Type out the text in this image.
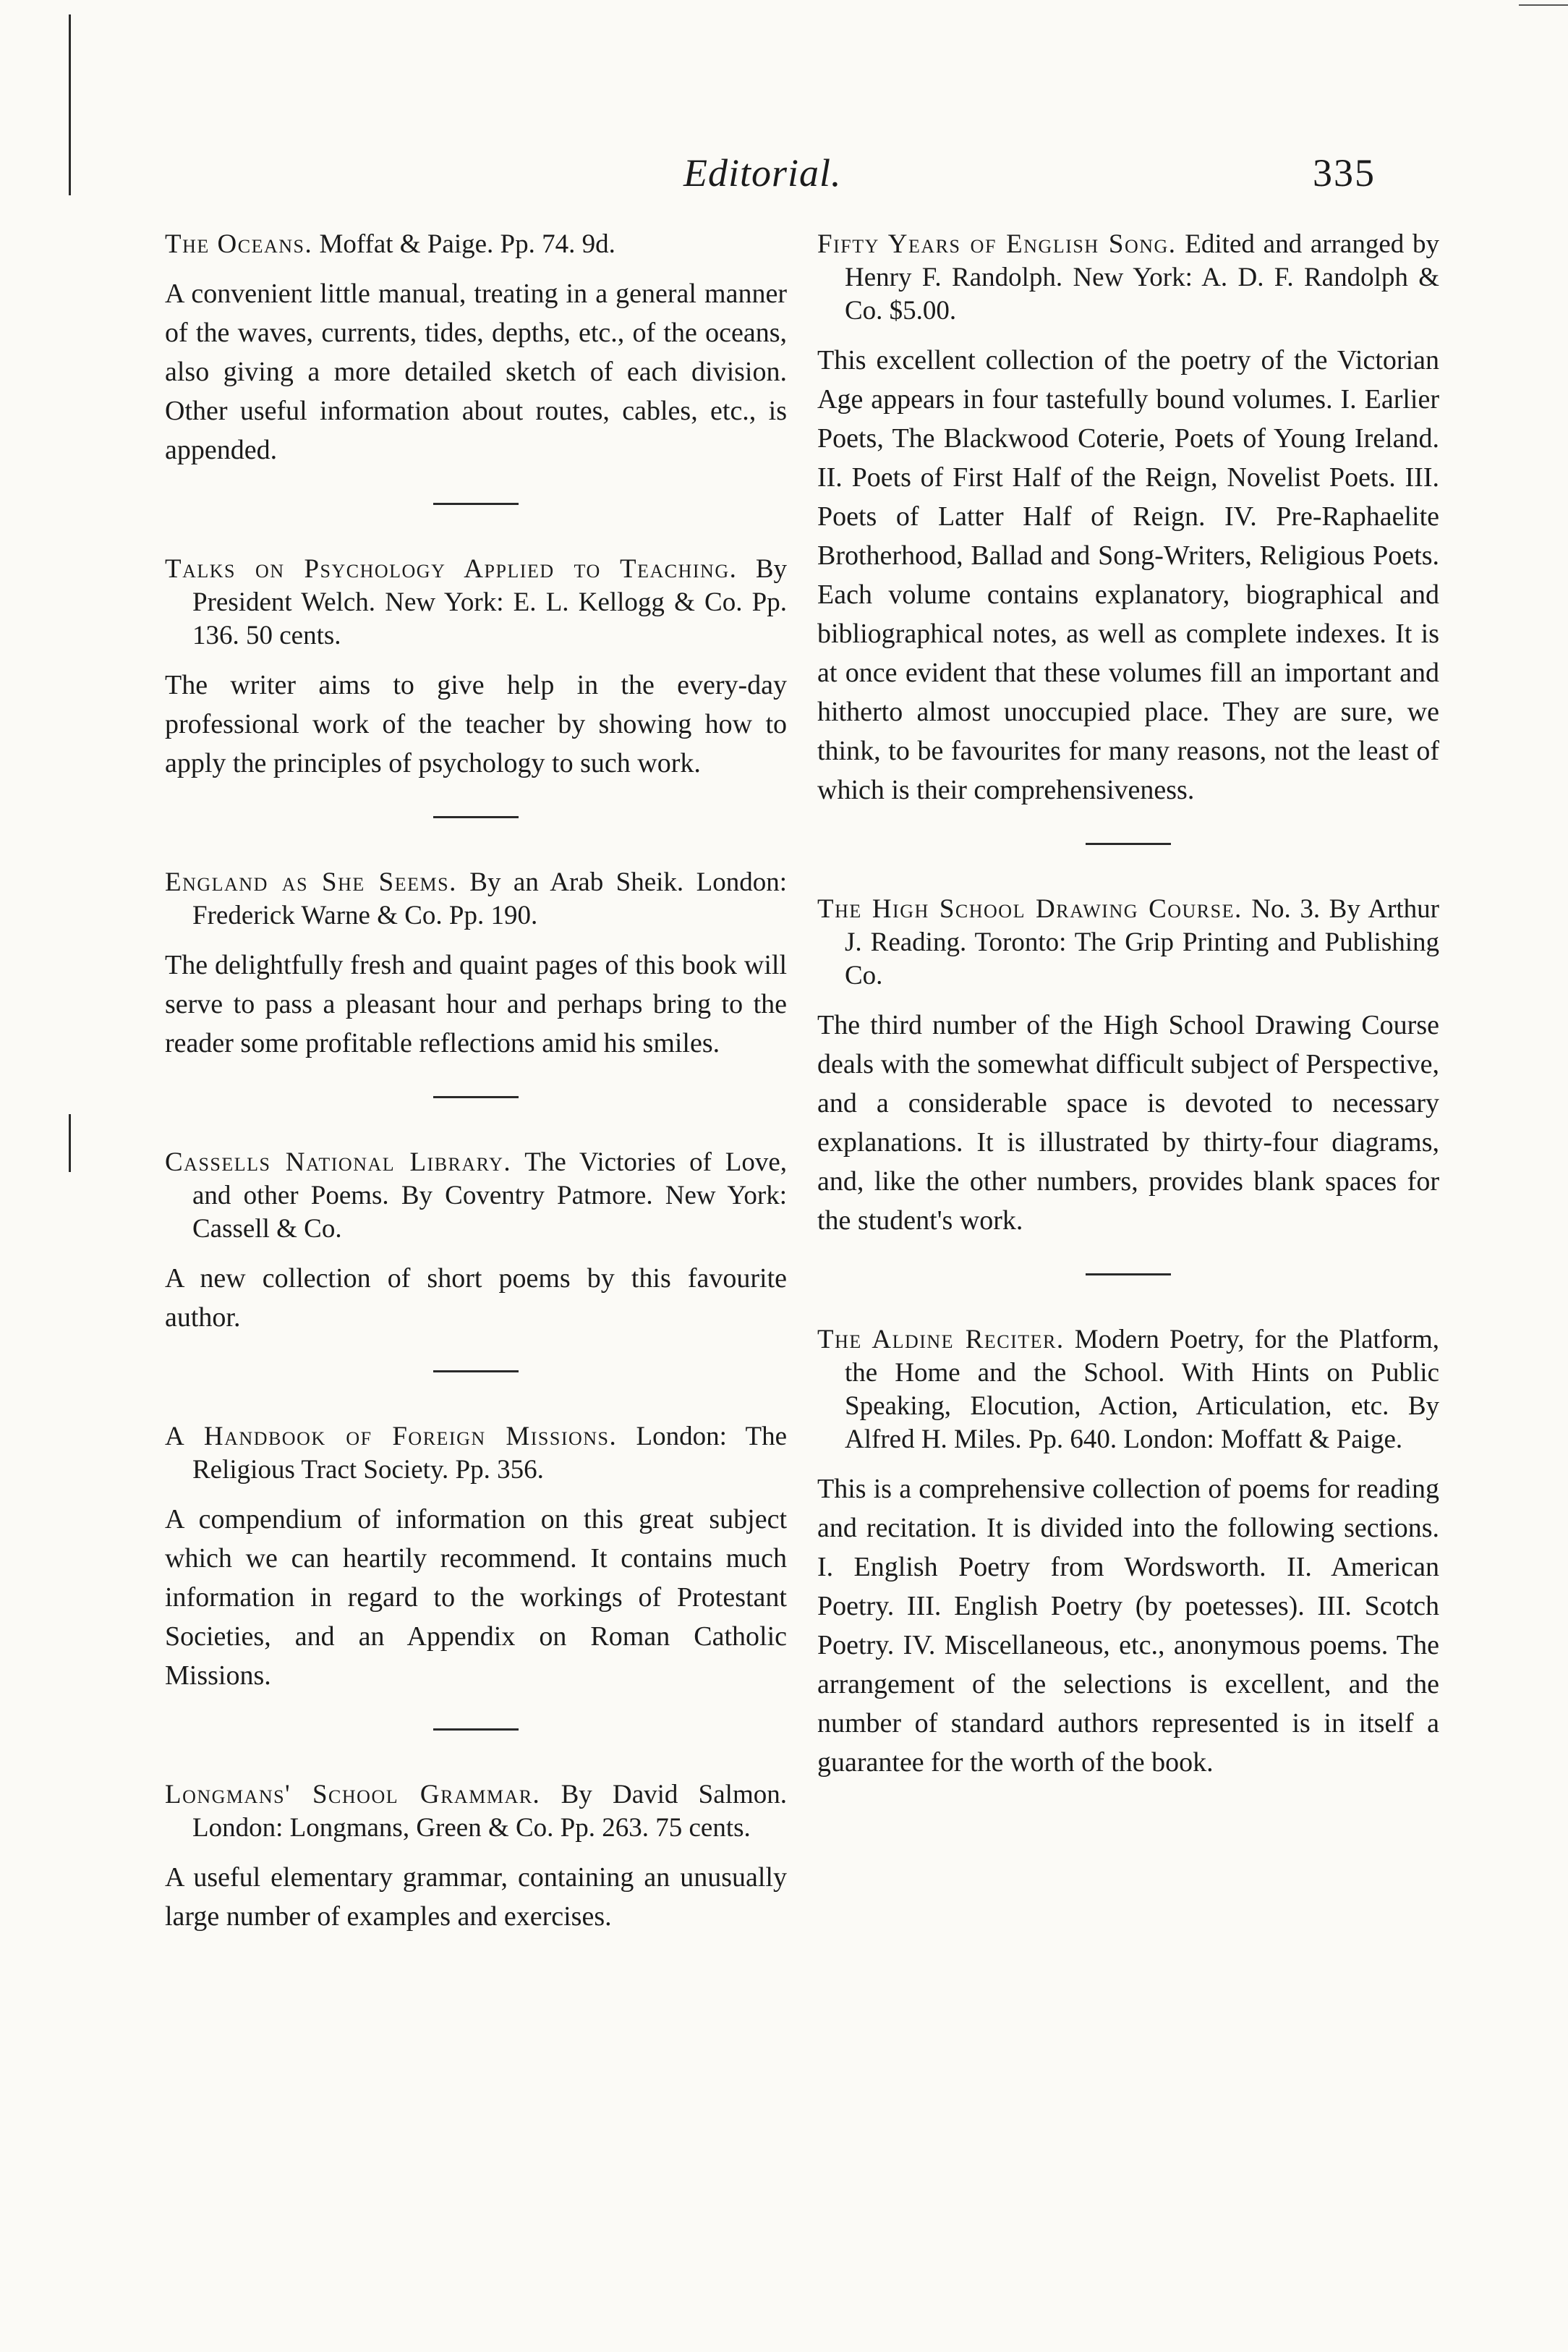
Editorial.	335

The Oceans. Moffat & Paige. Pp. 74. 9d.

A convenient little manual, treating in a general manner of the waves, currents, tides, depths, etc., of the oceans, also giving a more detailed sketch of each division. Other useful information about routes, cables, etc., is appended.

Talks on Psychology Applied to Teaching. By President Welch. New York: E. L. Kellogg & Co. Pp. 136. 50 cents.

The writer aims to give help in the every-day professional work of the teacher by showing how to apply the principles of psychology to such work.

England as She Seems. By an Arab Sheik. London: Frederick Warne & Co. Pp. 190.

The delightfully fresh and quaint pages of this book will serve to pass a pleasant hour and perhaps bring to the reader some profitable reflections amid his smiles.

Cassells National Library. The Victories of Love, and other Poems. By Coventry Patmore. New York: Cassell & Co.

A new collection of short poems by this favourite author.

A Handbook of Foreign Missions. London: The Religious Tract Society. Pp. 356.

A compendium of information on this great subject which we can heartily recommend. It contains much information in regard to the workings of Protestant Societies, and an Appendix on Roman Catholic Missions.

Longmans' School Grammar. By David Salmon. London: Longmans, Green & Co. Pp. 263. 75 cents.

A useful elementary grammar, containing an unusually large number of examples and exercises.

Fifty Years of English Song. Edited and arranged by Henry F. Randolph. New York: A. D. F. Randolph & Co. $5.00.

This excellent collection of the poetry of the Victorian Age appears in four tastefully bound volumes. I. Earlier Poets, The Blackwood Coterie, Poets of Young Ireland. II. Poets of First Half of the Reign, Novelist Poets. III. Poets of Latter Half of Reign. IV. Pre-Raphaelite Brotherhood, Ballad and Song-Writers, Religious Poets. Each volume contains explanatory, biographical and bibliographical notes, as well as complete indexes. It is at once evident that these volumes fill an important and hitherto almost unoccupied place. They are sure, we think, to be favourites for many reasons, not the least of which is their comprehensiveness.

The High School Drawing Course. No. 3. By Arthur J. Reading. Toronto: The Grip Printing and Publishing Co.

The third number of the High School Drawing Course deals with the somewhat difficult subject of Perspective, and a considerable space is devoted to necessary explanations. It is illustrated by thirty-four diagrams, and, like the other numbers, provides blank spaces for the student's work.

The Aldine Reciter. Modern Poetry, for the Platform, the Home and the School. With Hints on Public Speaking, Elocution, Action, Articulation, etc. By Alfred H. Miles. Pp. 640. London: Moffatt & Paige.

This is a comprehensive collection of poems for reading and recitation. It is divided into the following sections. I. English Poetry from Wordsworth. II. American Poetry. III. English Poetry (by poetesses). III. Scotch Poetry. IV. Miscellaneous, etc., anonymous poems. The arrangement of the selections is excellent, and the number of standard authors represented is in itself a guarantee for the worth of the book.
